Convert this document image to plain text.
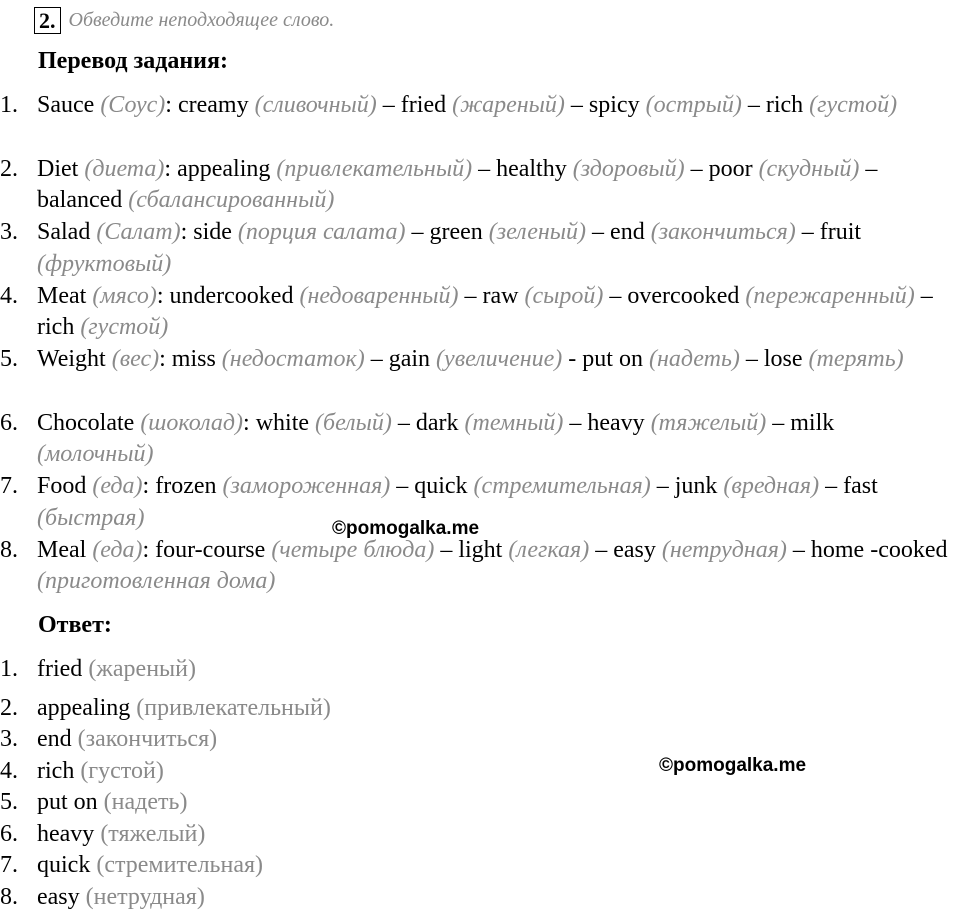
2. Обведите неподходящее слово.
Перевод задания:
1. Sauce (Соус): creamy (сливочный) – fried (жареный) – spicy (острый) – rich (густой)
2. Diet (диета): appealing (привлекательный) – healthy (здоровый) – poor (скудный) – balanced (сбалансированный)
3. Salad (Салат): side (порция салата) – green (зеленый) – end (закончиться) – fruit (фруктовый)
4. Meat (мясо): undercooked (недоваренный) – raw (сырой) – overcooked (пережаренный) – rich (густой)
5. Weight (вес): miss (недостаток) – gain (увеличение) - put on (надеть) – lose (терять)
6. Chocolate (шоколад): white (белый) – dark (темный) – heavy (тяжелый) – milk (молочный)
7. Food (еда): frozen (замороженная) – quick (стремительная) – junk (вредная) – fast (быстрая)
8. Meal (еда): four-course (четыре блюда) – light (легкая) – easy (нетрудная) – home -cooked (приготовленная дома)
Ответ:
1. fried (жареный)
2. appealing (привлекательный)
3. end (закончиться)
4. rich (густой)
5. put on (надеть)
6. heavy (тяжелый)
7. quick (стремительная)
8. easy (нетрудная)
©pomogalka.me
©pomogalka.me
